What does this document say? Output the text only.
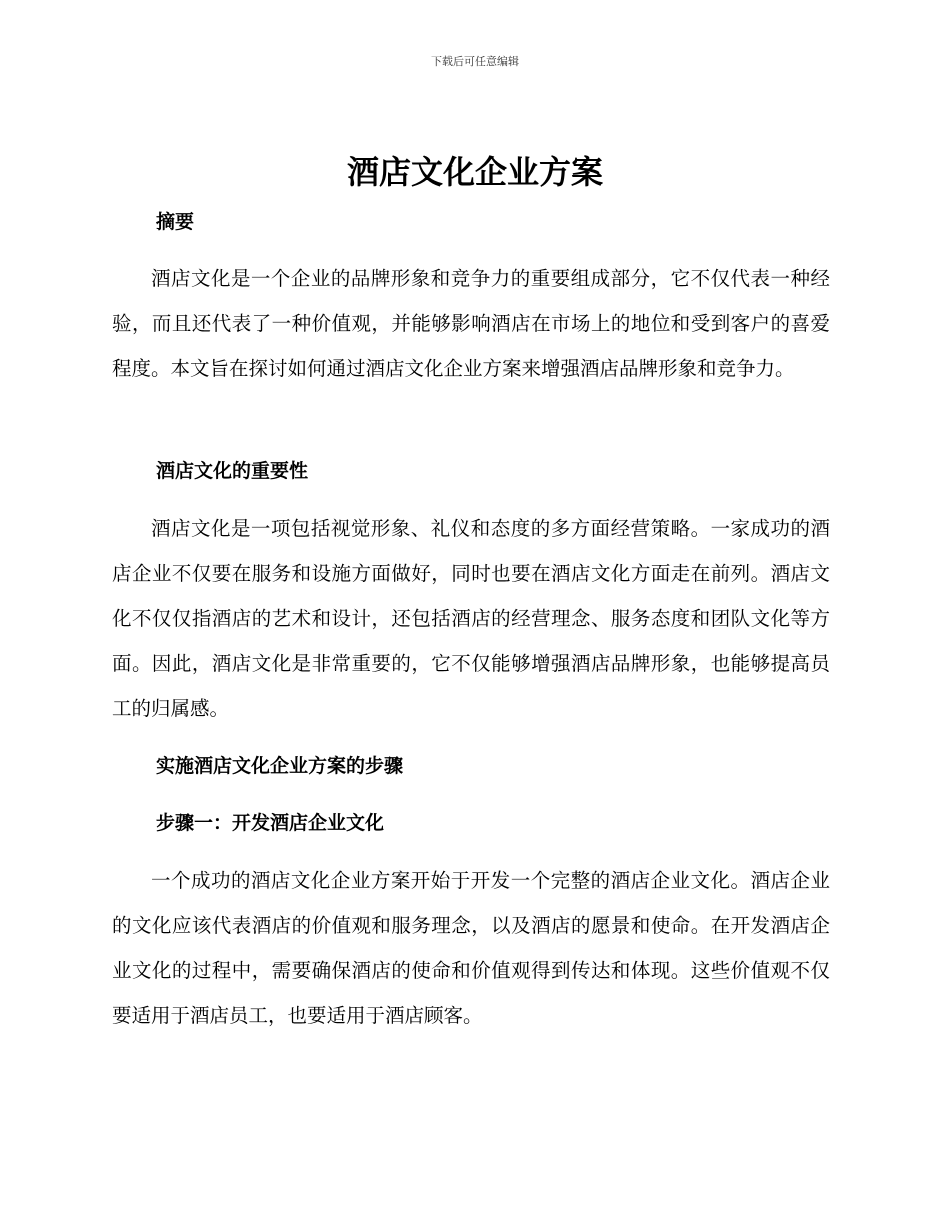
下载后可任意编辑
酒店文化企业方案
摘要

酒店文化是一个企业的品牌形象和竞争力的重要组成部分，它不仅代表一种经验，而且还代表了一种价值观，并能够影响酒店在市场上的地位和受到客户的喜爱程度。本文旨在探讨如何通过酒店文化企业方案来增强酒店品牌形象和竞争力。

酒店文化的重要性

酒店文化是一项包括视觉形象、礼仪和态度的多方面经营策略。一家成功的酒店企业不仅要在服务和设施方面做好，同时也要在酒店文化方面走在前列。酒店文化不仅仅指酒店的艺术和设计，还包括酒店的经营理念、服务态度和团队文化等方面。因此，酒店文化是非常重要的，它不仅能够增强酒店品牌形象，也能够提高员工的归属感。

实施酒店文化企业方案的步骤
步骤一：开发酒店企业文化

一个成功的酒店文化企业方案开始于开发一个完整的酒店企业文化。酒店企业的文化应该代表酒店的价值观和服务理念，以及酒店的愿景和使命。在开发酒店企业文化的过程中，需要确保酒店的使命和价值观得到传达和体现。这些价值观不仅要适用于酒店员工，也要适用于酒店顾客。
